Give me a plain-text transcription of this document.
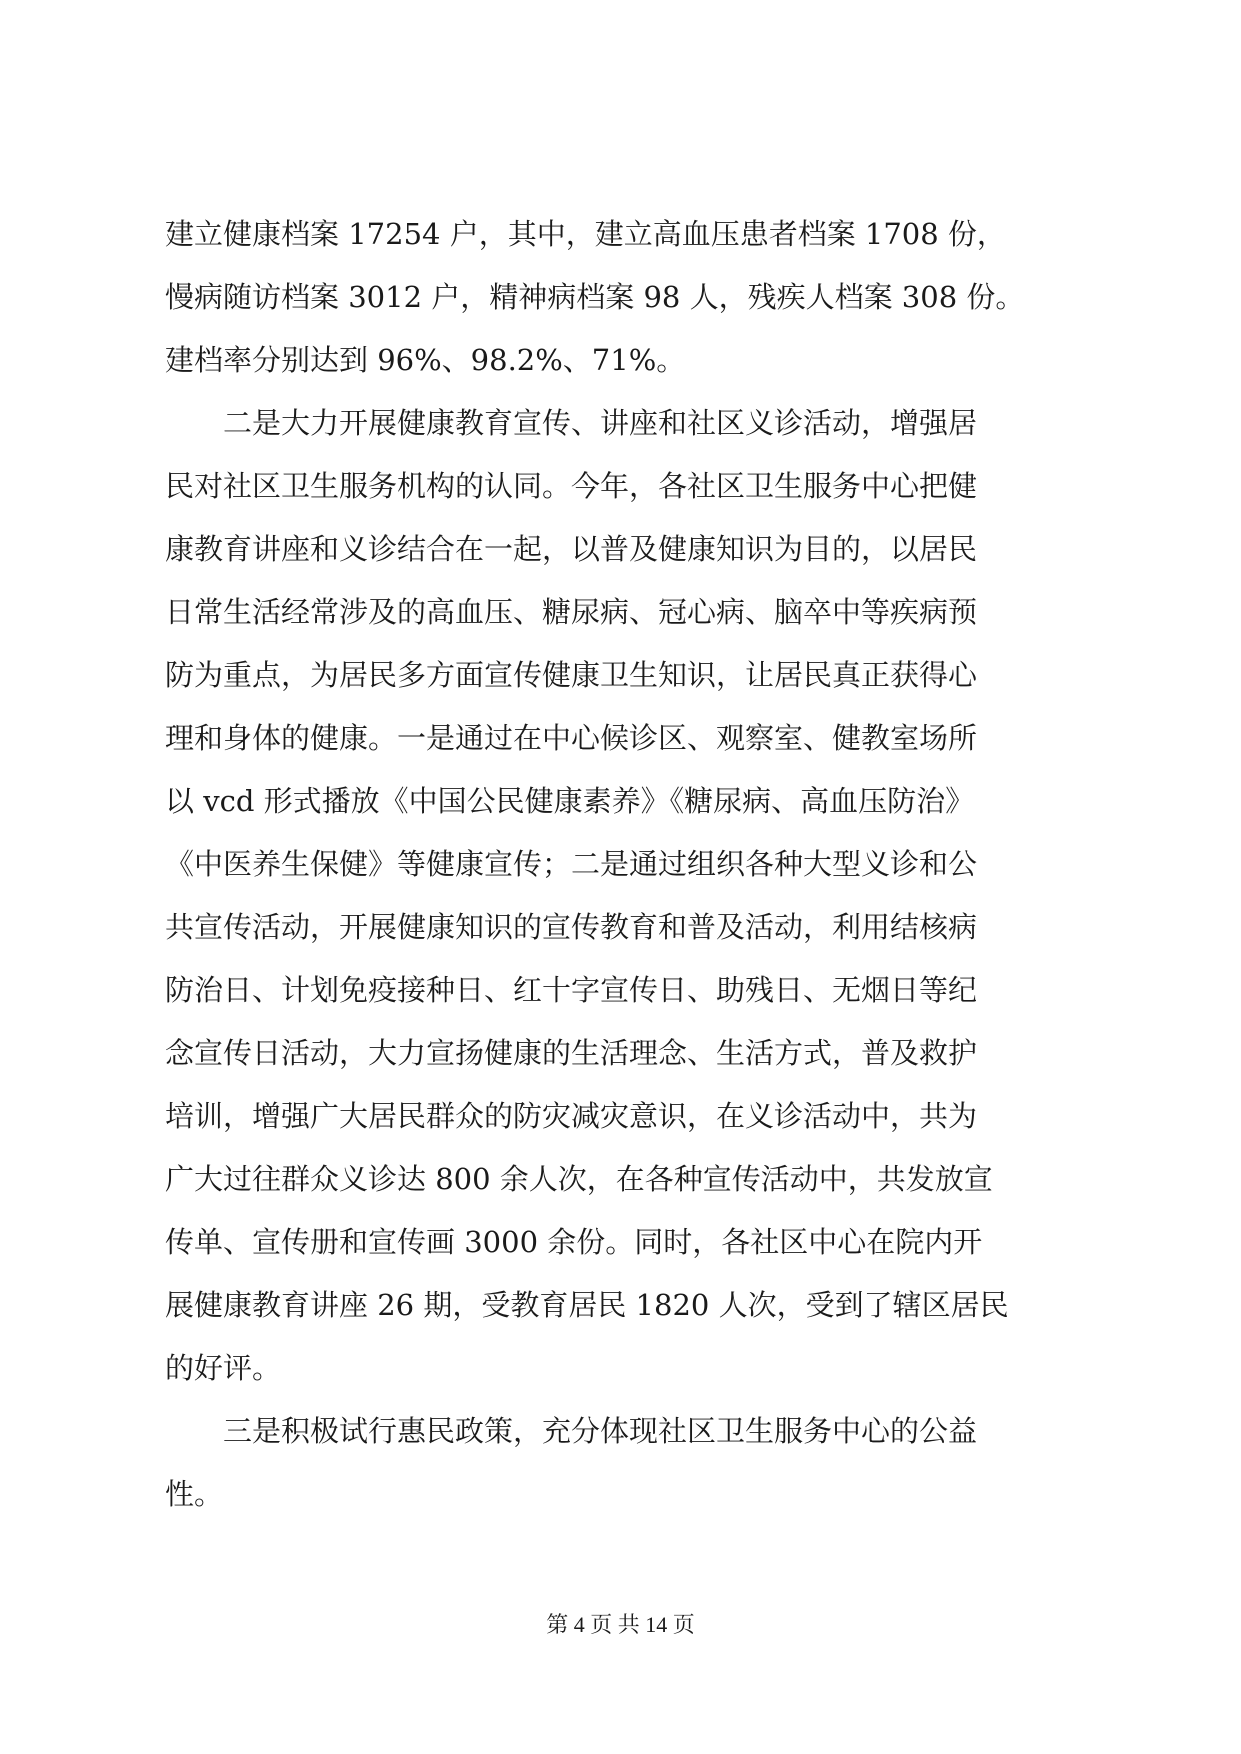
建立健康档案 17254 户，其中，建立高血压患者档案 1708 份，
慢病随访档案 3012 户，精神病档案 98 人，残疾人档案 308 份。
建档率分别达到 96%、98.2%、71%。
　　二是大力开展健康教育宣传、讲座和社区义诊活动，增强居
民对社区卫生服务机构的认同。今年，各社区卫生服务中心把健
康教育讲座和义诊结合在一起，以普及健康知识为目的，以居民
日常生活经常涉及的高血压、糖尿病、冠心病、脑卒中等疾病预
防为重点，为居民多方面宣传健康卫生知识，让居民真正获得心
理和身体的健康。一是通过在中心候诊区、观察室、健教室场所
以 vcd 形式播放《中国公民健康素养》《糖尿病、高血压防治》
《中医养生保健》等健康宣传；二是通过组织各种大型义诊和公
共宣传活动，开展健康知识的宣传教育和普及活动，利用结核病
防治日、计划免疫接种日、红十字宣传日、助残日、无烟日等纪
念宣传日活动，大力宣扬健康的生活理念、生活方式，普及救护
培训，增强广大居民群众的防灾减灾意识，在义诊活动中，共为
广大过往群众义诊达 800 余人次，在各种宣传活动中，共发放宣
传单、宣传册和宣传画 3000 余份。同时，各社区中心在院内开
展健康教育讲座 26 期，受教育居民 1820 人次，受到了辖区居民
的好评。
　　三是积极试行惠民政策，充分体现社区卫生服务中心的公益
性。
第 4 页 共 14 页
